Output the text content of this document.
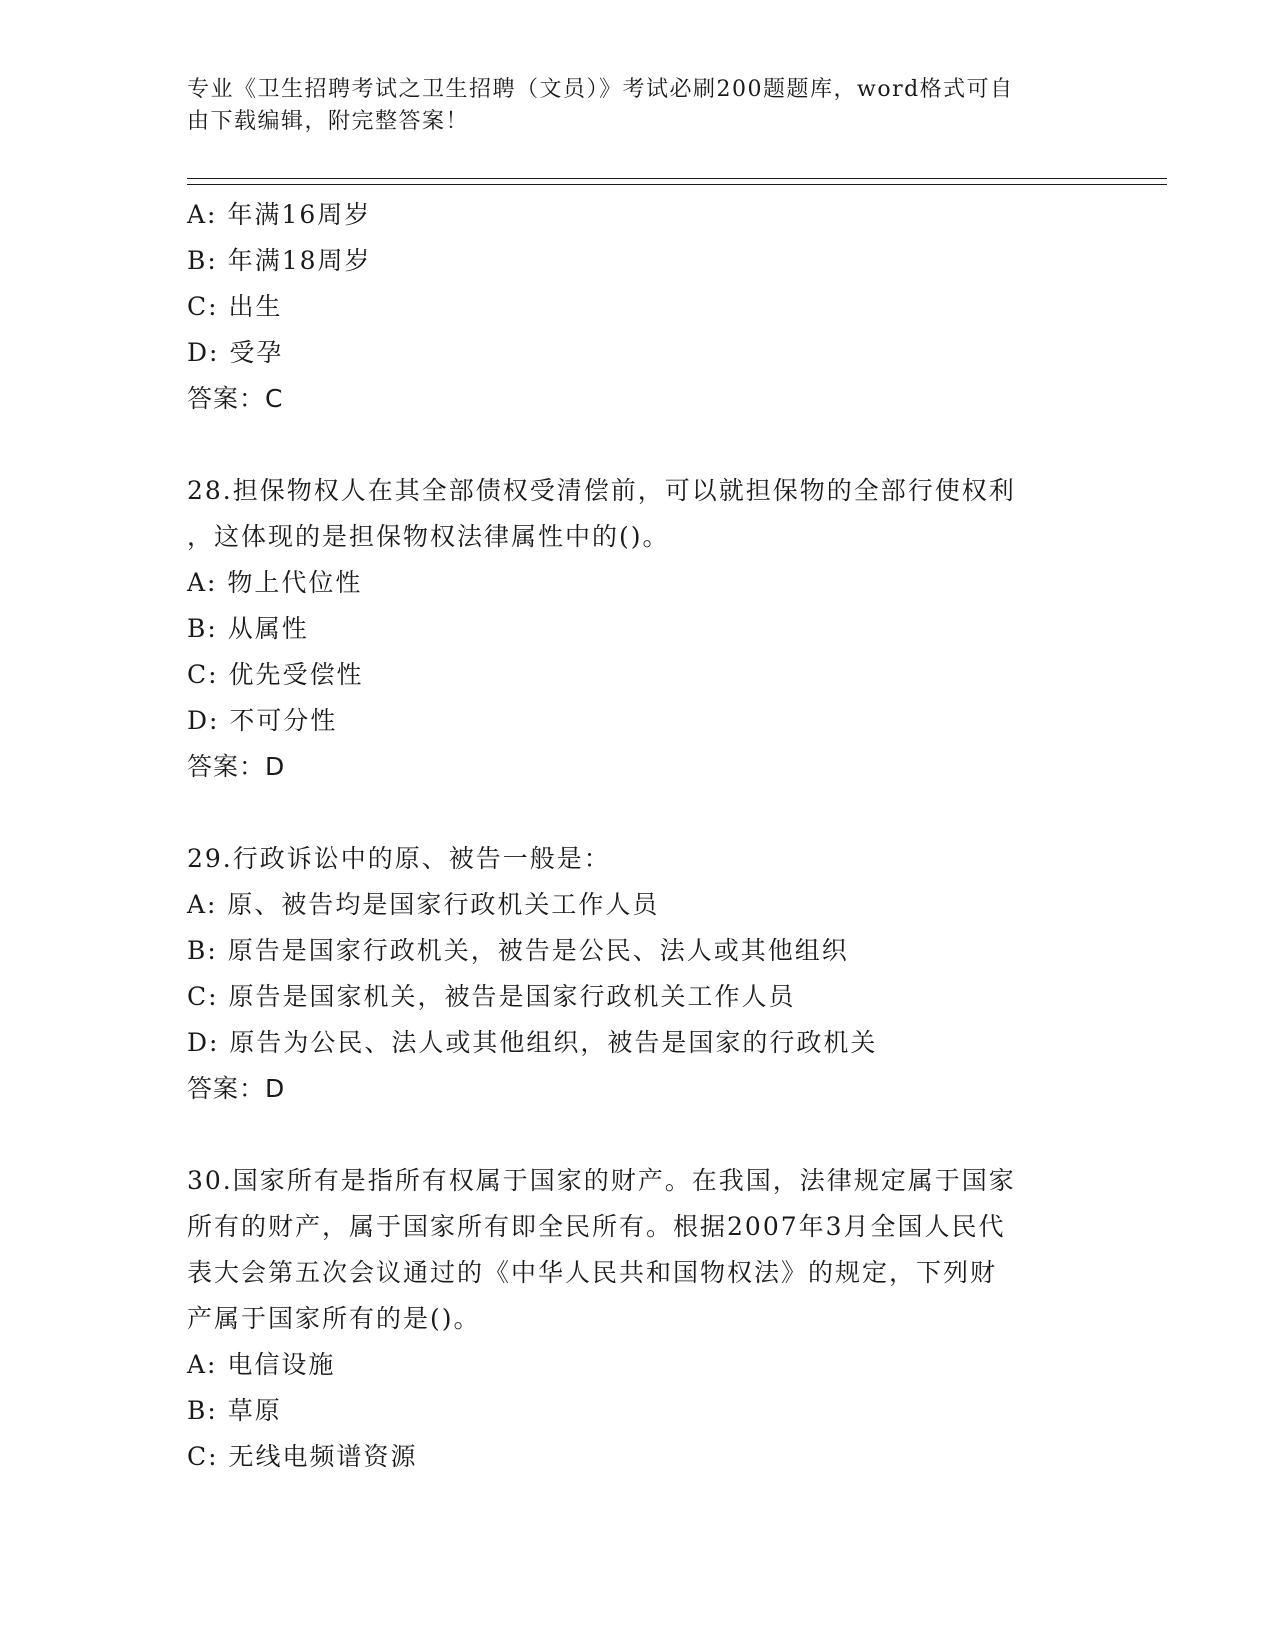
专业《卫生招聘考试之卫生招聘（文员）》考试必刷200题题库，word格式可自
由下载编辑，附完整答案！
A: 年满16周岁
B: 年满18周岁
C: 出生
D: 受孕
答案：C
28.担保物权人在其全部债权受清偿前，可以就担保物的全部行使权利
，这体现的是担保物权法律属性中的()。
A: 物上代位性
B: 从属性
C: 优先受偿性
D: 不可分性
答案：D
29.行政诉讼中的原、被告一般是：
A: 原、被告均是国家行政机关工作人员
B: 原告是国家行政机关，被告是公民、法人或其他组织
C: 原告是国家机关，被告是国家行政机关工作人员
D: 原告为公民、法人或其他组织，被告是国家的行政机关
答案：D
30.国家所有是指所有权属于国家的财产。在我国，法律规定属于国家
所有的财产，属于国家所有即全民所有。根据2007年3月全国人民代
表大会第五次会议通过的《中华人民共和国物权法》的规定，下列财
产属于国家所有的是()。
A: 电信设施
B: 草原
C: 无线电频谱资源
